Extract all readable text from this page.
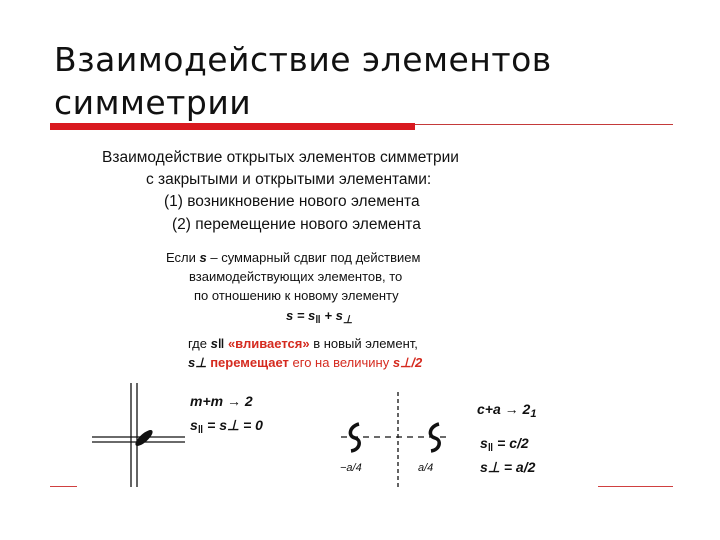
Взаимодействие элементов
симметрии
Взаимодействие открытых элементов симметрии
с закрытыми и открытыми элементами:
(1) возникновение нового элемента
(2) перемещение нового элемента
Если s – суммарный сдвиг под действием
взаимодействующих элементов, то
по отношению к новому элементу
$s = s_‖ + s_\perp$
где s‖ «вливается» в новый элемент,
s⊥ перемещает его на величину s⊥/2
m+m → 2
$s_‖$ = s⊥ = 0
−a/4	a/4
$c+a \to 2_1$
$s_‖ = c/2$
s⊥ = a/2
